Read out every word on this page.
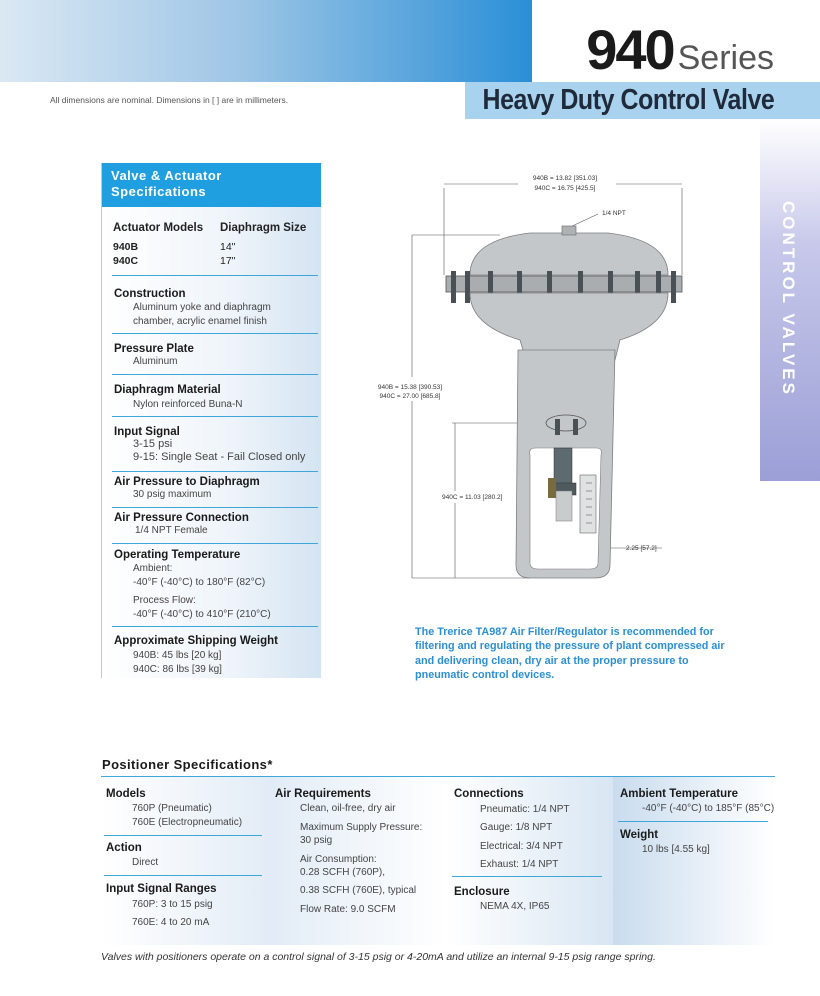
940 Series
Heavy Duty Control Valve
All dimensions are nominal. Dimensions in [ ] are in millimeters.
CONTROL VALVES
Valve & Actuator
Specifications
Actuator Models Diaphragm Size
940B	14"
940C	17"
Construction
Aluminum yoke and diaphragm
chamber, acrylic enamel finish
Pressure Plate
Aluminum
Diaphragm Material
Nylon reinforced Buna-N
Input Signal
3-15 psi
9-15: Single Seat - Fail Closed only
Air Pressure to Diaphragm
30 psig maximum
Air Pressure Connection
1/4 NPT Female
Operating Temperature
Ambient:
-40°F (-40°C) to 180°F (82°C)
Process Flow:
-40°F (-40°C) to 410°F (210°C)
Approximate Shipping Weight
940B: 45 lbs [20 kg]
940C: 86 lbs [39 kg]
940B = 13.82 [351.03]
940C = 16.75 [425.5]
1/4 NPT
940B = 15.38 [390.53]
940C = 27.00 [685.8]
940C = 11.03 [280.2]
2.25 [57.2]
The Trerice TA987 Air Filter/Regulator is recommended for filtering and regulating the pressure of plant compressed air and delivering clean, dry air at the proper pressure to pneumatic control devices.
Positioner Specifications*
Models
760P (Pneumatic)
760E (Electropneumatic)
Action
Direct
Input Signal Ranges
760P: 3 to 15 psig
760E: 4 to 20 mA
Air Requirements
Clean, oil-free, dry air
Maximum Supply Pressure:
30 psig
Air Consumption:
0.28 SCFH (760P),
0.38 SCFH (760E), typical
Flow Rate: 9.0 SCFM
Connections
Pneumatic: 1/4 NPT
Gauge: 1/8 NPT
Electrical: 3/4 NPT
Exhaust: 1/4 NPT
Enclosure
NEMA 4X, IP65
Ambient Temperature
-40°F (-40°C) to 185°F (85°C)
Weight
10 lbs [4.55 kg]
Valves with positioners operate on a control signal of 3-15 psig or 4-20mA and utilize an internal 9-15 psig range spring.
